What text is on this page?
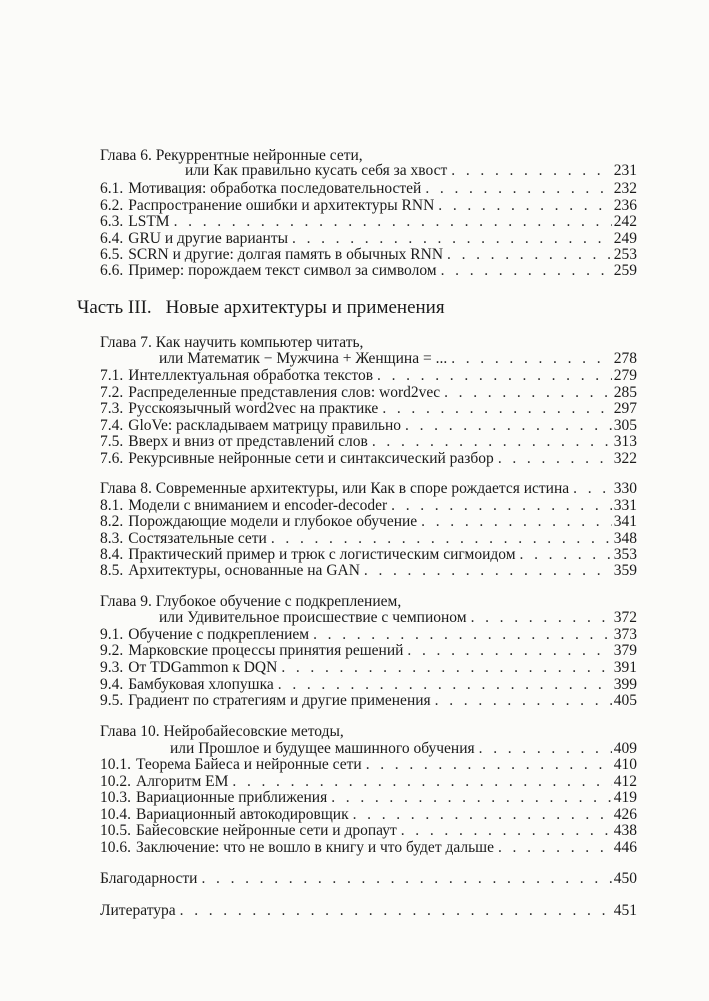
Глава 6. Рекуррентные нейронные сети,
или Как правильно кусать себя за хвост . . .	231
6.1. Мотивация: обработка последовательностей . . .	232
6.2. Распространение ошибки и архитектуры RNN . . .	236
6.3. LSTM . . .	242
6.4. GRU и другие варианты . . .	249
6.5. SCRN и другие: долгая память в обычных RNN . . .	253
6.6. Пример: порождаем текст символ за символом . . .	259
Часть III. Новые архитектуры и применения
Глава 7. Как научить компьютер читать,
или Математик − Мужчина + Женщина = ... . . .	278
7.1. Интеллектуальная обработка текстов . . .	279
7.2. Распределенные представления слов: word2vec . . .	285
7.3. Русскоязычный word2vec на практике . . .	297
7.4. GloVe: раскладываем матрицу правильно . . .	305
7.5. Вверх и вниз от представлений слов . . .	313
7.6. Рекурсивные нейронные сети и синтаксический разбор . . .	322
Глава 8. Современные архитектуры, или Как в споре рождается истина . . .	330
8.1. Модели с вниманием и encoder-decoder . . .	331
8.2. Порождающие модели и глубокое обучение . . .	341
8.3. Состязательные сети . . .	348
8.4. Практический пример и трюк с логистическим сигмоидом . . .	353
8.5. Архитектуры, основанные на GAN . . .	359
Глава 9. Глубокое обучение с подкреплением,
или Удивительное происшествие с чемпионом . . .	372
9.1. Обучение с подкреплением . . .	373
9.2. Марковские процессы принятия решений . . .	379
9.3. От TDGammon к DQN . . .	391
9.4. Бамбуковая хлопушка . . .	399
9.5. Градиент по стратегиям и другие применения . . .	405
Глава 10. Нейробайесовские методы,
или Прошлое и будущее машинного обучения . . .	409
10.1. Теорема Байеса и нейронные сети . . .	410
10.2. Алгоритм EM . . .	412
10.3. Вариационные приближения . . .	419
10.4. Вариационный автокодировщик . . .	426
10.5. Байесовские нейронные сети и дропаут . . .	438
10.6. Заключение: что не вошло в книгу и что будет дальше . . .	446
Благодарности . . .	450
Литература . . .	451
